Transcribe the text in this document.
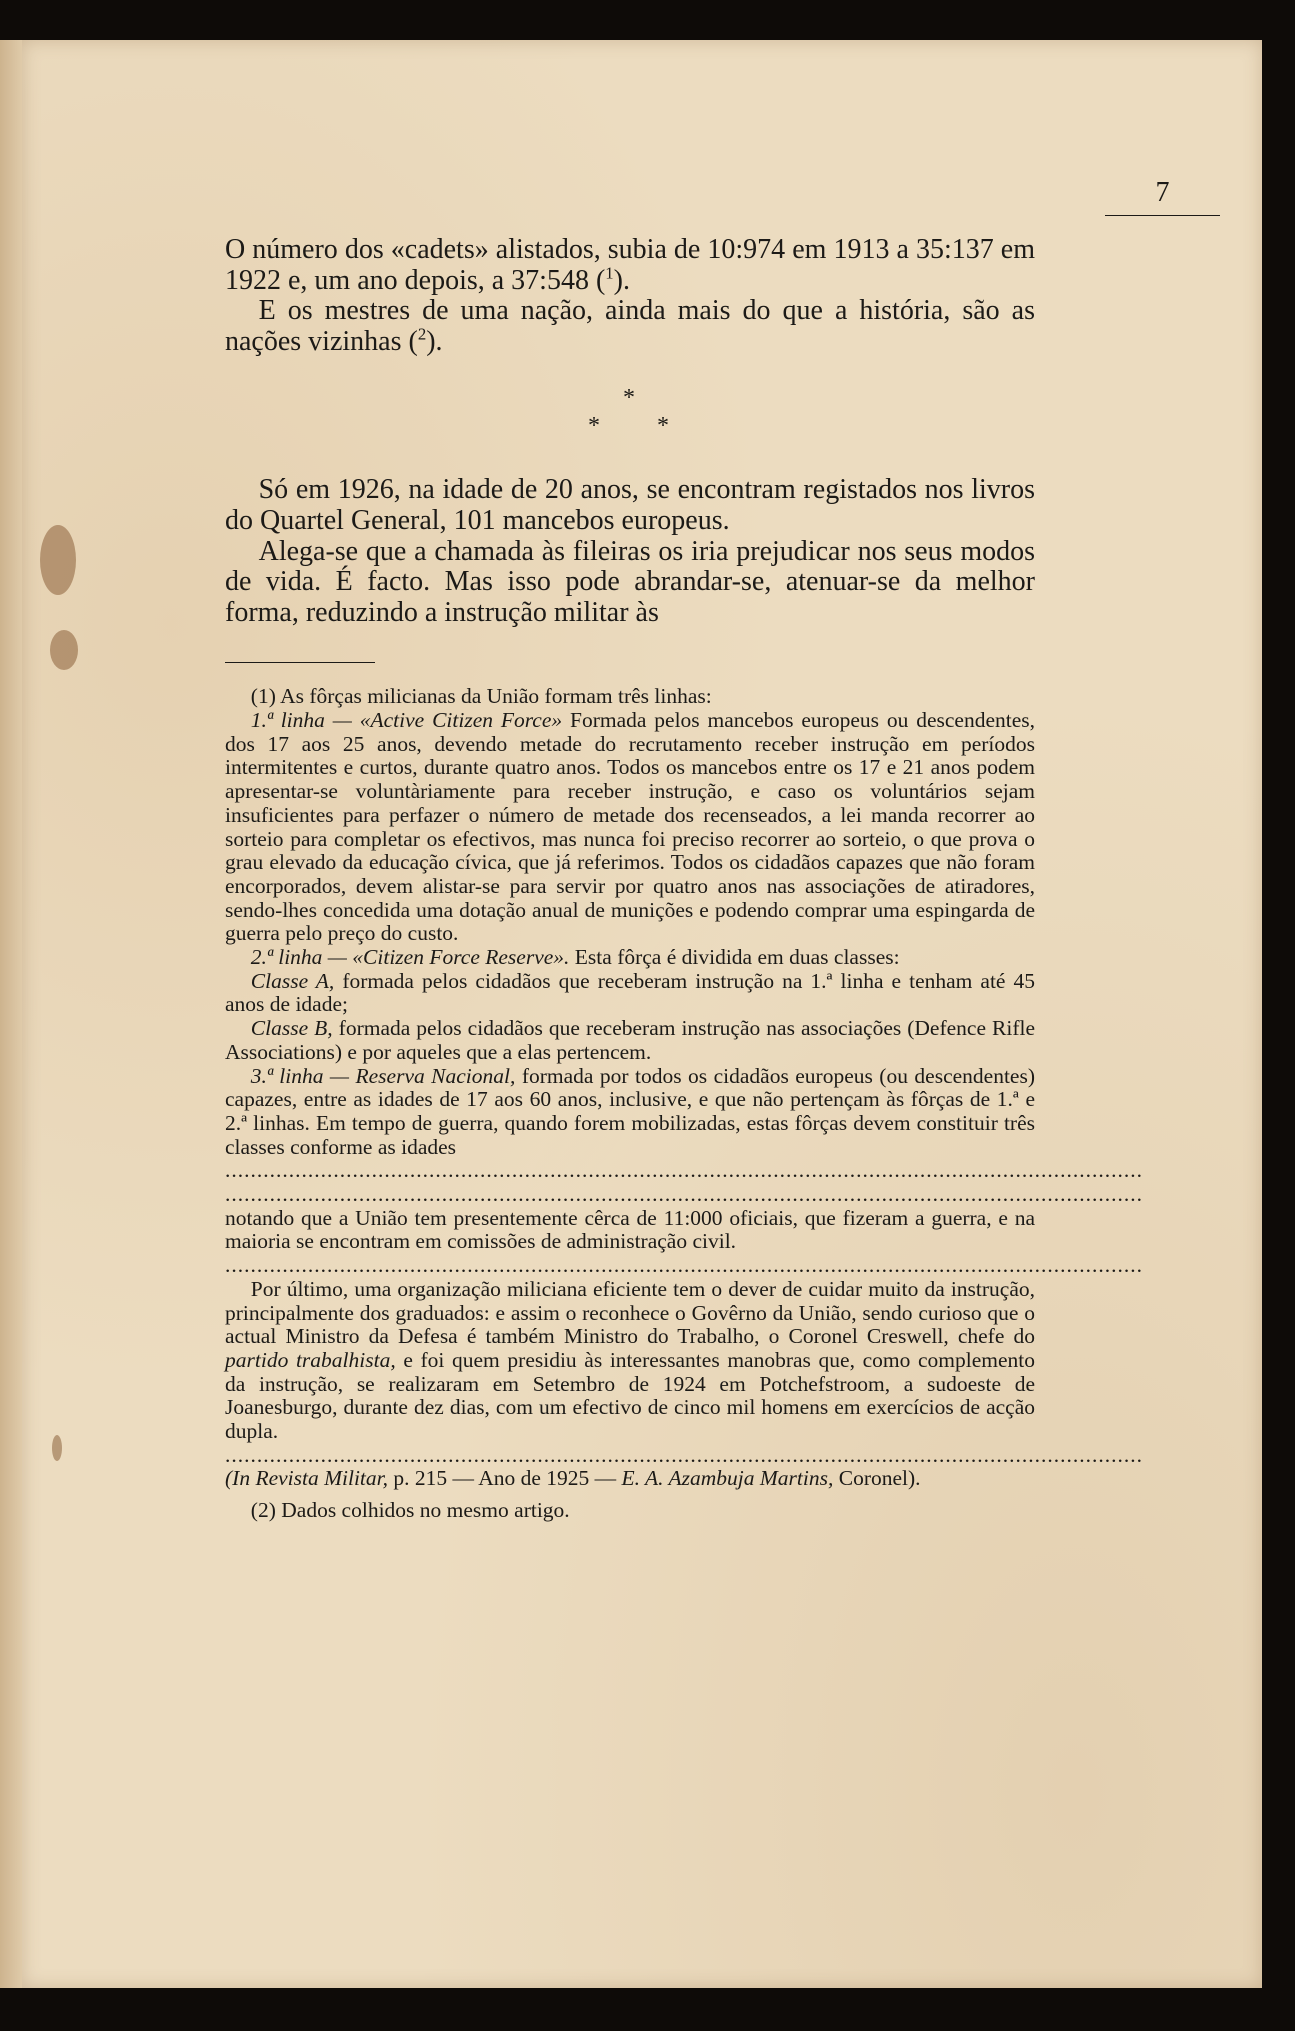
7

O número dos «cadets» alistados, subia de 10:974 em 1913 a 35:137 em 1922 e, um ano depois, a 37:548 ($^1$).

E os mestres de uma nação, ainda mais do que a história, são as nações vizinhas ($^2$).

*
* *

Só em 1926, na idade de 20 anos, se encontram registados nos livros do Quartel General, 101 mancebos europeus.

Alega-se que a chamada às fileiras os iria prejudicar nos seus modos de vida. É facto. Mas isso pode abrandar-se, atenuar-se da melhor forma, reduzindo a instrução militar às

(1) As fôrças milicianas da União formam três linhas:

1.ª linha — «Active Citizen Force» Formada pelos mancebos europeus ou descendentes, dos 17 aos 25 anos, devendo metade do recrutamento receber instrução em períodos intermitentes e curtos, durante quatro anos. Todos os mancebos entre os 17 e 21 anos podem apresentar-se voluntàriamente para receber instrução, e caso os voluntários sejam insuficientes para perfazer o número de metade dos recenseados, a lei manda recorrer ao sorteio para completar os efectivos, mas nunca foi preciso recorrer ao sorteio, o que prova o grau elevado da educação cívica, que já referimos. Todos os cidadãos capazes que não foram encorporados, devem alistar-se para servir por quatro anos nas associações de atiradores, sendo-lhes concedida uma dotação anual de munições e podendo comprar uma espingarda de guerra pelo preço do custo.

2.ª linha — «Citizen Force Reserve». Esta fôrça é dividida em duas classes:

Classe A, formada pelos cidadãos que receberam instrução na 1.ª linha e tenham até 45 anos de idade;

Classe B, formada pelos cidadãos que receberam instrução nas associações (Defence Rifle Associations) e por aqueles que a elas pertencem.

3.ª linha — Reserva Nacional, formada por todos os cidadãos europeus (ou descendentes) capazes, entre as idades de 17 aos 60 anos, inclusive, e que não pertençam às fôrças de 1.ª e 2.ª linhas. Em tempo de guerra, quando forem mobilizadas, estas fôrças devem constituir três classes conforme as idades

................................................................................................................................................
................................................................................................................................................

notando que a União tem presentemente cêrca de 11:000 oficiais, que fizeram a guerra, e na maioria se encontram em comissões de administração civil.

................................................................................................................................................

Por último, uma organização miliciana eficiente tem o dever de cuidar muito da instrução, principalmente dos graduados: e assim o reconhece o Govêrno da União, sendo curioso que o actual Ministro da Defesa é também Ministro do Trabalho, o Coronel Creswell, chefe do partido trabalhista, e foi quem presidiu às interessantes manobras que, como complemento da instrução, se realizaram em Setembro de 1924 em Potchefstroom, a sudoeste de Joanesburgo, durante dez dias, com um efectivo de cinco mil homens em exercícios de acção dupla.

................................................................................................................................................

(In Revista Militar, p. 215 — Ano de 1925 — E. A. Azambuja Martins, Coronel).

(2) Dados colhidos no mesmo artigo.
